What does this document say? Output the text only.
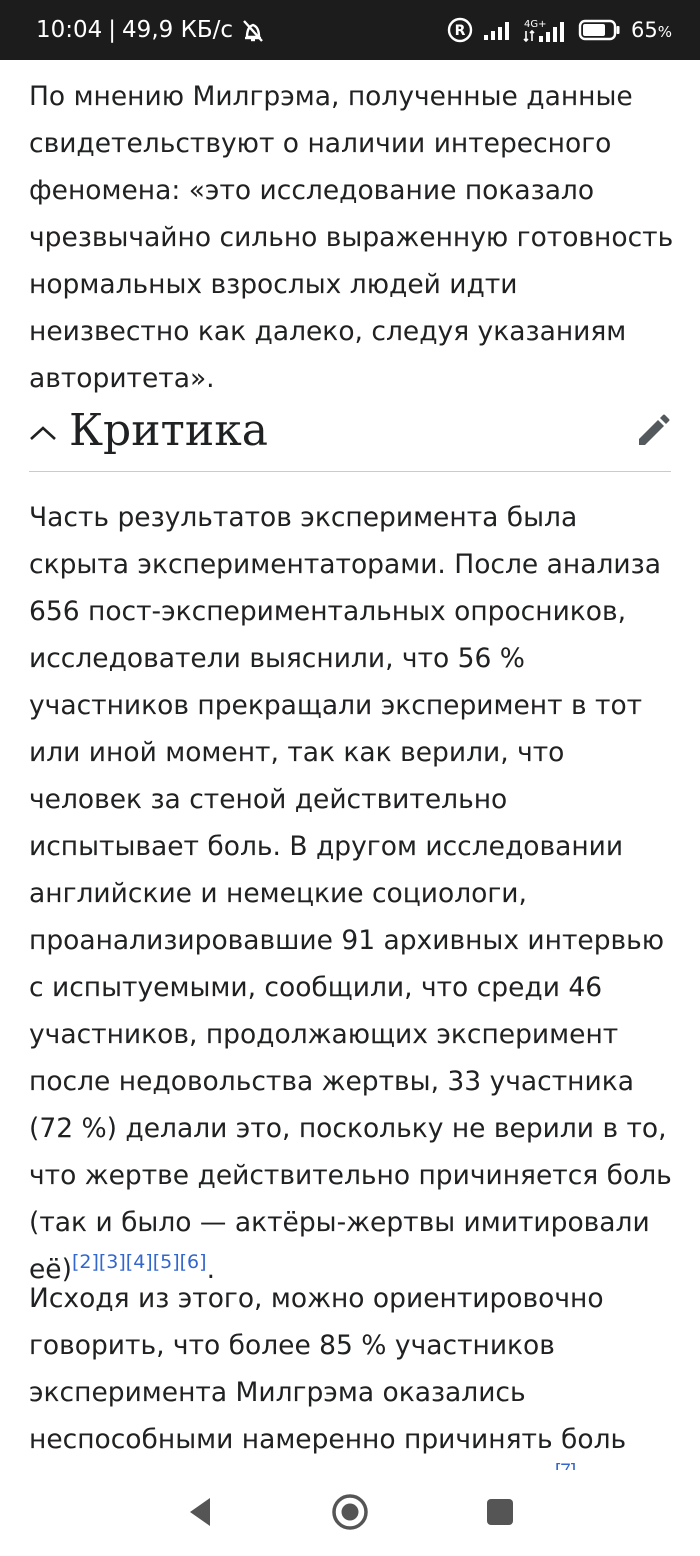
10:04 | 49,9 КБ/с	R	4G+	65%

По мнению Милгрэма, полученные данные свидетельствуют о наличии интересного феномена: «это исследование показало чрезвычайно сильно выраженную готовность нормальных взрослых людей идти неизвестно как далеко, следуя указаниям авторитета».

Критика

Часть результатов эксперимента была скрыта экспериментаторами. После анализа 656 пост-экспериментальных опросников, исследователи выяснили, что 56 % участников прекращали эксперимент в тот или иной момент, так как верили, что человек за стеной действительно испытывает боль. В другом исследовании английские и немецкие социологи, проанализировавшие 91 архивных интервью с испытуемыми, сообщили, что среди 46 участников, продолжающих эксперимент после недовольства жертвы, 33 участника (72 %) делали это, поскольку не верили в то, что жертве действительно причиняется боль (так и было — актёры-жертвы имитировали её)[2][3][4][5][6].

Исходя из этого, можно ориентировочно говорить, что более 85 % участников эксперимента Милгрэма оказались неспособными намеренно причинять боль
